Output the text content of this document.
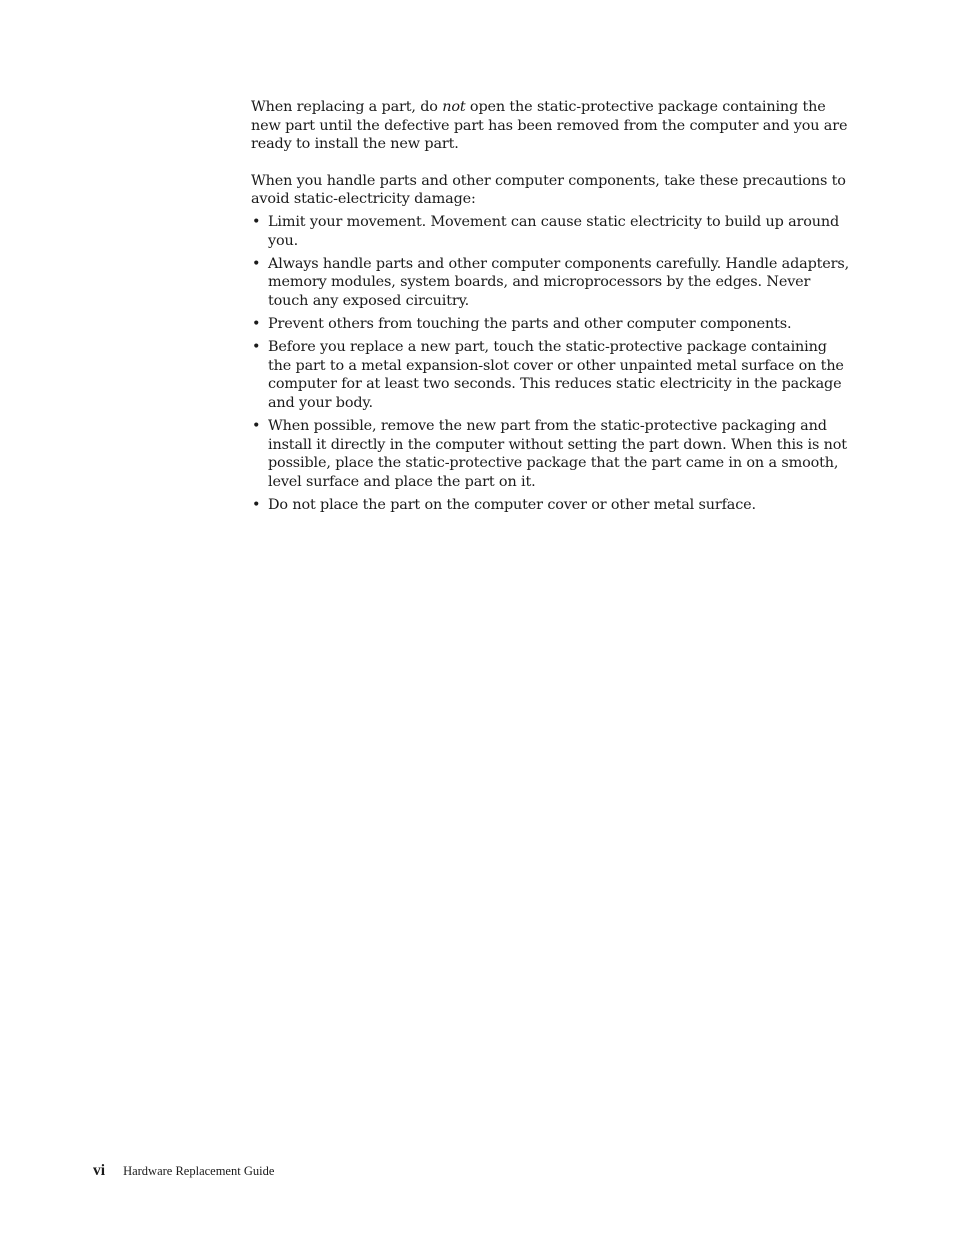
When replacing a part, do not open the static-protective package containing the new part until the defective part has been removed from the computer and you are ready to install the new part.

When you handle parts and other computer components, take these precautions to avoid static-electricity damage:

• Limit your movement. Movement can cause static electricity to build up around you.
• Always handle parts and other computer components carefully. Handle adapters, memory modules, system boards, and microprocessors by the edges. Never touch any exposed circuitry.
• Prevent others from touching the parts and other computer components.
• Before you replace a new part, touch the static-protective package containing the part to a metal expansion-slot cover or other unpainted metal surface on the computer for at least two seconds. This reduces static electricity in the package and your body.
• When possible, remove the new part from the static-protective packaging and install it directly in the computer without setting the part down. When this is not possible, place the static-protective package that the part came in on a smooth, level surface and place the part on it.
• Do not place the part on the computer cover or other metal surface.
vi Hardware Replacement Guide
